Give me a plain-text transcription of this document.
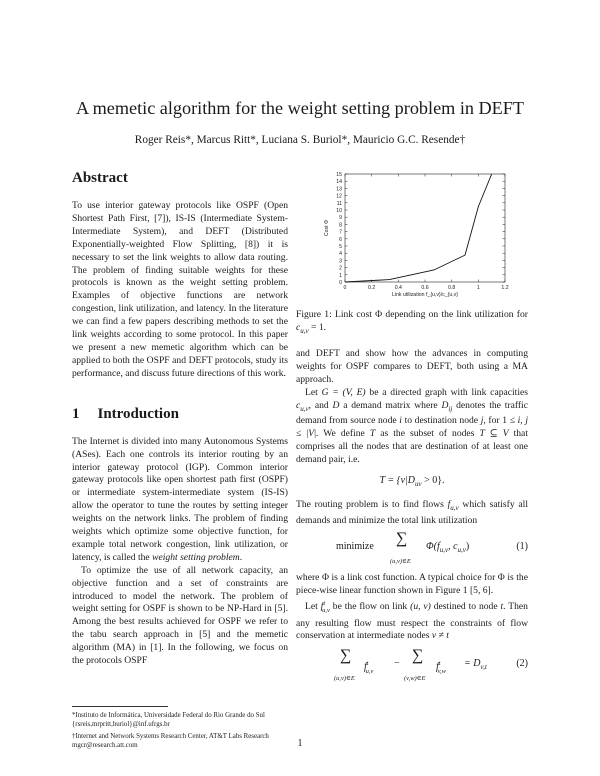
A memetic algorithm for the weight setting problem in DEFT
Roger Reis*, Marcus Ritt*, Luciana S. Buriol*, Mauricio G.C. Resende†
Abstract

To use interior gateway protocols like OSPF (Open Shortest Path First, [7]), IS-IS (Intermediate System-Intermediate System), and DEFT (Distributed Exponentially-weighted Flow Splitting, [8]) it is necessary to set the link weights to allow data routing. The problem of finding suitable weights for these protocols is known as the weight setting problem. Examples of objective functions are network congestion, link utilization, and latency. In the literature we can find a few papers describing methods to set the link weights according to some protocol. In this paper we present a new memetic algorithm which can be applied to both the OSPF and DEFT protocols, study its performance, and discuss future directions of this work.

1 Introduction

The Internet is divided into many Autonomous Systems (ASes). Each one controls its interior routing by an interior gateway protocol (IGP). Common interior gateway protocols like open shortest path first (OSPF) or intermediate system-intermediate system (IS-IS) allow the operator to tune the routes by setting integer weights on the network links. The problem of finding weights which optimize some objective function, for example total network congestion, link utilization, or latency, is called the weight setting problem.

To optimize the use of all network capacity, an objective function and a set of constraints are introduced to model the network. The problem of weight setting for OSPF is shown to be NP-Hard in [5]. Among the best results achieved for OSPF we refer to the tabu search approach in [5] and the memetic algorithm (MA) in [1]. In the following, we focus on the protocols OSPF

*Instituto de Informática, Universidade Federal do Rio Grande do Sul {rsreis,mrpritt,buriol}@inf.ufrgs.br
†Internet and Network Systems Research Center, AT&T Labs Research mgcr@research.att.com
0
1
2
3
4
5
6
7
8
9
10
11
12
13
14
15
0	0.2	0.4	0.6	0.8	1	1.2
Link utilization f_{u,v}/c_{u,v}
Cost Φ
Figure 1: Link cost Φ depending on the link utilization for $c_{u,v} = 1$.

and DEFT and show how the advances in computing weights for OSPF compares to DEFT, both using a MA approach.

Let G = (V, E) be a directed graph with link capacities $c_{u,v}$, and D a demand matrix where $D_{ij}$ denotes the traffic demand from source node i to destination node j, for 1 ≤ i, j ≤ |V|. We define T as the subset of nodes T ⊆ V that comprises all the nodes that are destination of at least one demand pair, i.e.

$T = \{v|D_{uv} > 0\}$.

The routing problem is to find flows $f_{u,v}$ which satisfy all demands and minimize the total link utilization

minimize ∑
(u,v)∈E
$\Phi(f_{u,v}$, $c_{u,v}$)	(1)

where Φ is a link cost function. A typical choice for Φ is the piece-wise linear function shown in Figure 1 [5, 6].

Let $f^t_{u,v}$ be the flow on link (u, v) destined to node t. Then any resulting flow must respect the constraints of flow conservation at intermediate nodes v ≠ t

∑
(u,v)∈E
$f^t_{u,v}$
− ∑
(v,w)∈E
$f^t_{v,w}$
= $D_{v,t}$	(2)
1
